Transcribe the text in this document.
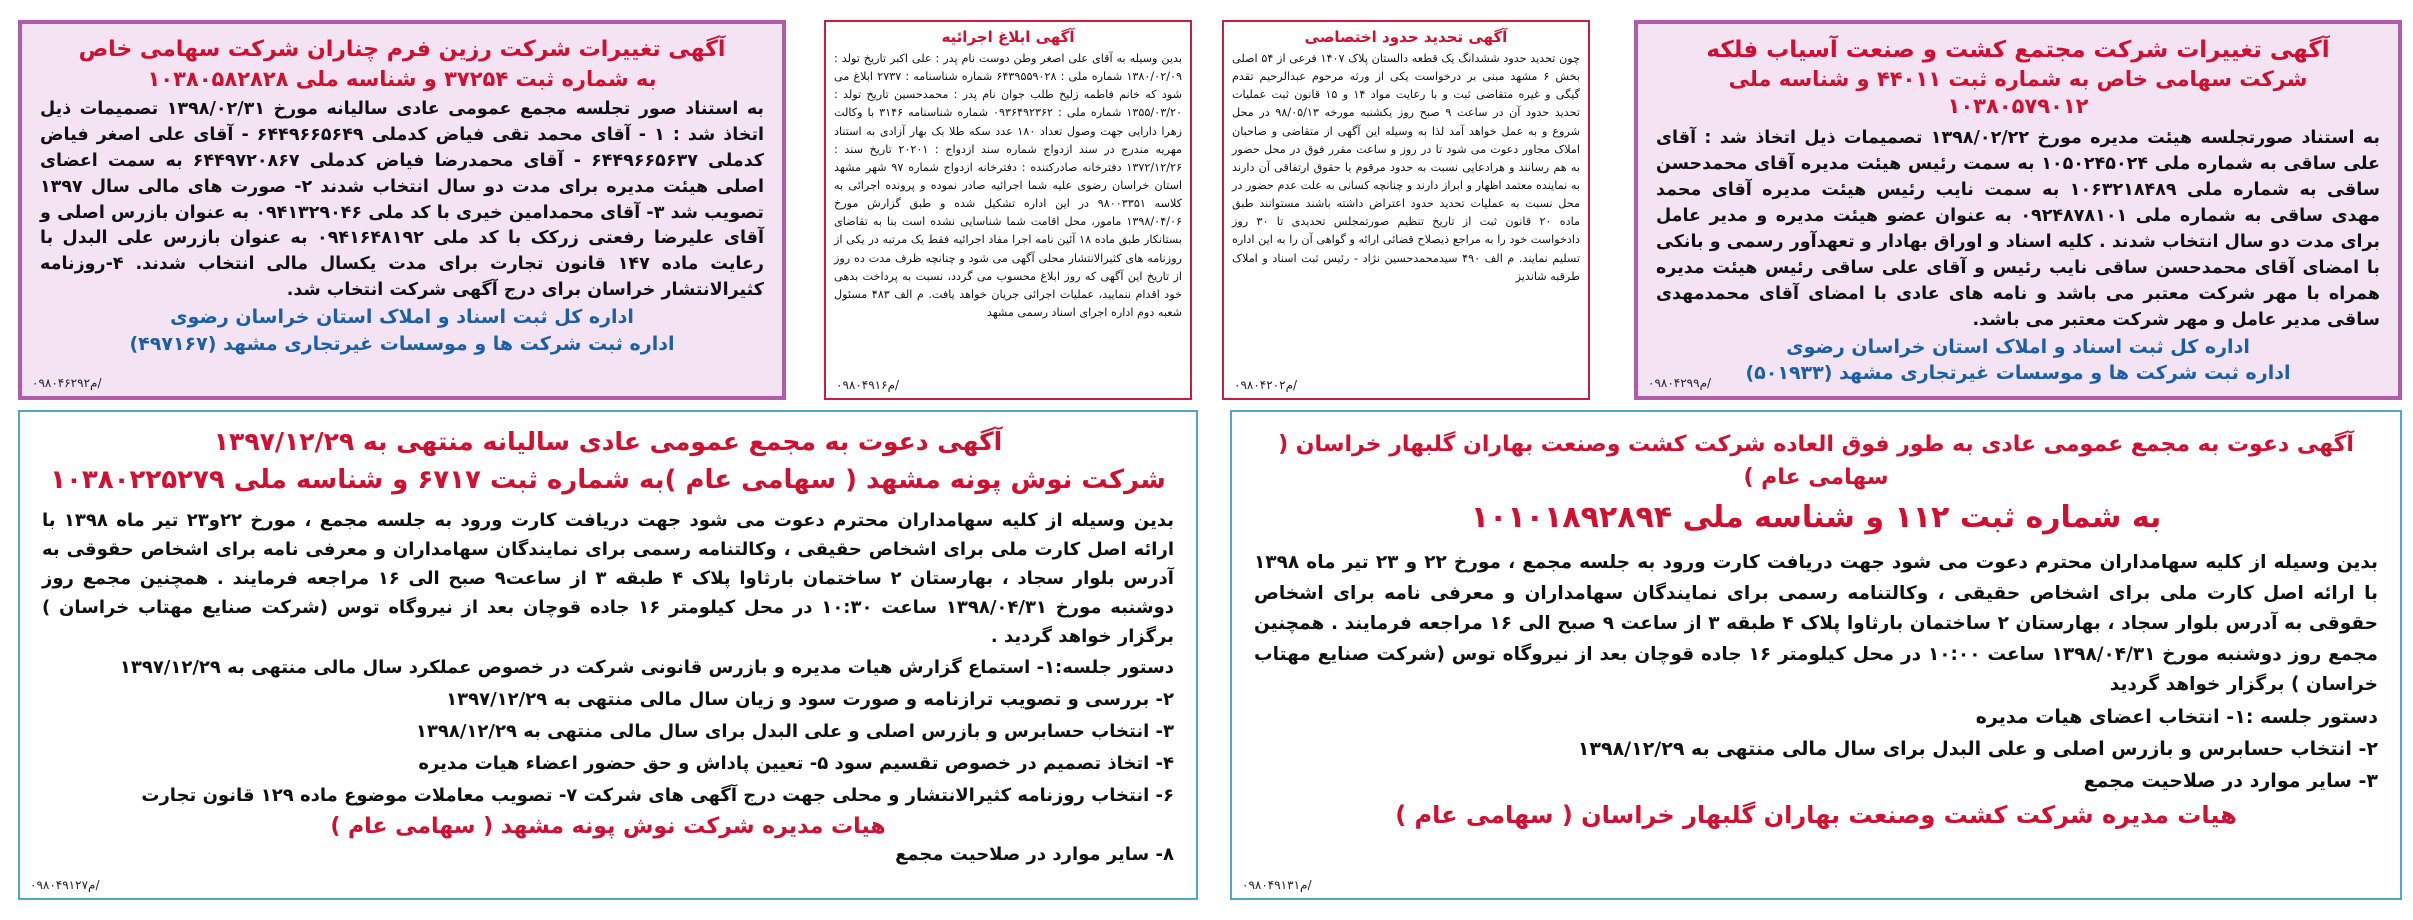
آگهی تغییرات شرکت مجتمع کشت و صنعت آسیاب فلکه
شرکت سهامی خاص به شماره ثبت ۴۴۰۱۱ و شناسه ملی ۱۰۳۸۰۵۷۹۰۱۲
به استناد صورتجلسه هیئت مدیره مورخ ۱۳۹۸/۰۲/۲۲ تصمیمات ذیل اتخاذ شد : آقای علی ساقی به شماره ملی ۱۰۵۰۲۴۵۰۲۴ به سمت رئیس هیئت مدیره آقای محمدحسن ساقی به شماره ملی ۱۰۶۳۲۱۸۴۸۹ به سمت نایب رئیس هیئت مدیره آقای محمد مهدی ساقی به شماره ملی ۰۹۲۴۸۷۸۱۰۱ به عنوان عضو هیئت مدیره و مدیر عامل برای مدت دو سال انتخاب شدند . کلیه اسناد و اوراق بهادار و تعهدآور رسمی و بانکی با امضای آقای محمدحسن ساقی نایب رئیس و آقای علی ساقی رئیس هیئت مدیره همراه با مهر شرکت معتبر می باشد و نامه های عادی با امضای آقای محمدمهدی ساقی مدیر عامل و مهر شرکت معتبر می باشد.
اداره کل ثبت اسناد و املاک استان خراسان رضوی
اداره ثبت شرکت ها و موسسات غیرتجاری مشهد (۵۰۱۹۳۳)
۰۹۸۰۴۲۹۹م/
آگهی تحدید حدود اختصاصی
چون تحدید حدود ششدانگ یک قطعه دالستان پلاک ۱۴۰۷ فرعی از ۵۴ اصلی بخش ۶ مشهد مبنی بر درخواست یکی از ورثه مرحوم عبدالرحیم تقدم گیگی و غیره متقاضی ثبت و با رعایت مواد ۱۴ و ۱۵ قانون ثبت عملیات تحدید حدود آن در ساعت ۹ صبح روز یکشنبه مورخه ۹۸/۰۵/۱۳ در محل شروع و به عمل خواهد آمد لذا به وسیله این آگهی از متقاضی و صاحبان املاک مجاور دعوت می شود تا در روز و ساعت مقرر فوق در محل حضور به هم رسانند و هرادعایی نسبت به حدود مرقوم یا حقوق ارتفاقی آن دارند به نماینده معتمد اظهار و ابراز دارند و چنانچه کسانی به علت عدم حضور در محل نسبت به عملیات تحدید حدود اعتراض داشته باشند مستوانند طبق ماده ۲۰ قانون ثبت از تاریخ تنظیم صورتمجلس تحدیدی تا ۳۰ روز دادخواست خود را به مراجع ذیصلاح قضائی ارائه و گواهی آن را به این اداره تسلیم نمایند. م الف ۴۹۰ سیدمحمدحسین نژاد - رئیس ثبت اسناد و املاک طرقبه شاندیز
۰۹۸۰۴۲۰۲م/
آگهی ابلاغ اجرائیه
بدین وسیله به آقای علی اصغر وطن دوست نام پدر : علی اکبر تاریخ تولد : ۱۳۸۰/۰۲/۰۹ شماره ملی : ۶۴۳۹۵۵۹۰۲۸ شماره شناسنامه : ۲۷۳۷ ابلاغ می شود که خانم فاطمه زلیخ طلب جوان نام پدر : محمدحسین تاریخ تولد : ۱۳۵۵/۰۳/۲۰ شماره ملی : ۰۹۳۶۴۹۲۳۶۲ شماره شناسنامه ۳۱۴۶ با وکالت زهرا دارایی جهت وصول تعداد ۱۸۰ عدد سکه طلا بک بهار آزادی به استناد مهریه مندرج در سند ازدواج شماره سند ازدواج : ۲۰۲۰۱ تاریخ سند : ۱۳۷۲/۱۲/۲۶ دفترخانه صادرکننده : دفترخانه ازدواج شماره ۹۷ شهر مشهد استان خراسان رضوی علیه شما اجرائیه صادر نموده و پرونده اجرائی به کلاسه ۹۸۰۰۳۳۵۱ در این اداره تشکیل شده و طبق گزارش مورخ ۱۳۹۸/۰۴/۰۶ مامور، محل اقامت شما شناسایی نشده است بنا به تقاضای بستانکار طبق ماده ۱۸ آئین نامه اجرا مفاد اجرائیه فقط یک مرتبه در یکی از روزنامه های کثیرالانتشار محلی آگهی می شود و چنانچه ظرف مدت ده روز از تاریخ این آگهی که روز ابلاغ محسوب می گردد، نسبت به پرداخت بدهی خود اقدام ننمایید، عملیات اجرائی جریان خواهد یافت. م الف ۴۸۳ مسئول شعبه دوم اداره اجرای اسناد رسمی مشهد
۰۹۸۰۴۹۱۶م/
آگهی تغییرات شرکت رزین فرم چناران شرکت سهامی خاص
به شماره ثبت ۳۷۲۵۴ و شناسه ملی ۱۰۳۸۰۵۸۲۸۲۸
به استناد صور تجلسه مجمع عمومی عادی سالیانه مورخ ۱۳۹۸/۰۲/۳۱ تصمیمات ذیل اتخاذ شد : ۱ - آقای محمد تقی فیاض کدملی ۶۴۴۹۶۶۵۶۴۹ - آقای علی اصغر فیاض کدملی ۶۴۴۹۶۶۵۶۳۷ - آقای محمدرضا فیاض کدملی ۶۴۴۹۷۲۰۸۶۷ به سمت اعضای اصلی هیئت مدیره برای مدت دو سال انتخاب شدند ۲- صورت های مالی سال ۱۳۹۷ تصویب شد ۳- آقای محمدامین خیری با کد ملی ۰۹۴۱۳۲۹۰۴۶ به عنوان بازرس اصلی و آقای علیرضا رفعتی زرکک با کد ملی ۰۹۴۱۶۴۸۱۹۲ به عنوان بازرس علی البدل با رعایت ماده ۱۴۷ قانون تجارت برای مدت یکسال مالی انتخاب شدند. ۴-روزنامه کثیرالانتشار خراسان برای درج آگهی شرکت انتخاب شد.
اداره کل ثبت اسناد و املاک استان خراسان رضوی
اداره ثبت شرکت ها و موسسات غیرتجاری مشهد (۴۹۷۱۶۷)
۰۹۸۰۴۶۲۹۲م/
آگهی دعوت به مجمع عمومی عادی به طور فوق العاده شرکت کشت وصنعت بهاران گلبهار خراسان ( سهامی عام )
به شماره ثبت ۱۱۲ و شناسه ملی ۱۰۱۰۱۸۹۲۸۹۴
بدین وسیله از کلیه سهامداران محترم دعوت می شود جهت دریافت کارت ورود به جلسه مجمع ، مورخ ۲۲ و ۲۳ تیر ماه ۱۳۹۸ با ارائه اصل کارت ملی برای اشخاص حقیقی ، وکالتنامه رسمی برای نمایندگان سهامداران و معرفی نامه برای اشخاص حقوقی به آدرس بلوار سجاد ، بهارستان ۲ ساختمان بارثاوا پلاک ۴ طبقه ۳ از ساعت ۹ صبح الی ۱۶ مراجعه فرمایند . همچنین مجمع روز دوشنبه مورخ ۱۳۹۸/۰۴/۳۱ ساعت ۱۰:۰۰ در محل کیلومتر ۱۶ جاده قوچان بعد از نیروگاه توس (شرکت صنایع مهتاب خراسان ) برگزار خواهد گردید
دستور جلسه :۱- انتخاب اعضای هیات مدیره
۲- انتخاب حسابرس و بازرس اصلی و علی البدل برای سال مالی منتهی به ۱۳۹۸/۱۲/۲۹
۳- سایر موارد در صلاحیت مجمع
هیات مدیره شرکت کشت وصنعت بهاران گلبهار خراسان ( سهامی عام )
۰۹۸۰۴۹۱۳۱م/
آگهی دعوت به مجمع عمومی عادی سالیانه منتهی به ۱۳۹۷/۱۲/۲۹
شرکت نوش پونه مشهد ( سهامی عام )به شماره ثبت ۶۷۱۷ و شناسه ملی ۱۰۳۸۰۲۲۵۲۷۹
بدین وسیله از کلیه سهامداران محترم دعوت می شود جهت دریافت کارت ورود به جلسه مجمع ، مورخ ۲۲و۲۳ تیر ماه ۱۳۹۸ با ارائه اصل کارت ملی برای اشخاص حقیقی ، وکالتنامه رسمی برای نمایندگان سهامداران و معرفی نامه برای اشخاص حقوقی به آدرس بلوار سجاد ، بهارستان ۲ ساختمان بارثاوا پلاک ۴ طبقه ۳ از ساعت۹ صبح الی ۱۶ مراجعه فرمایند . همچنین مجمع روز دوشنبه مورخ ۱۳۹۸/۰۴/۳۱ ساعت ۱۰:۳۰ در محل کیلومتر ۱۶ جاده قوچان بعد از نیروگاه توس (شرکت صنایع مهتاب خراسان ) برگزار خواهد گردید .
دستور جلسه:۱- استماع گزارش هیات مدیره و بازرس قانونی شرکت در خصوص عملکرد سال مالی منتهی به ۱۳۹۷/۱۲/۲۹
۲- بررسی و تصویب ترازنامه و صورت سود و زیان سال مالی منتهی به ۱۳۹۷/۱۲/۲۹
۳- انتخاب حسابرس و بازرس اصلی و علی البدل برای سال مالی منتهی به ۱۳۹۸/۱۲/۲۹
۴- اتخاذ تصمیم در خصوص تقسیم سود ۵- تعیین پاداش و حق حضور اعضاء هیات مدیره
۶- انتخاب روزنامه کثیرالانتشار و محلی جهت درج آگهی های شرکت ۷- تصویب معاملات موضوع ماده ۱۲۹ قانون تجارت
هیات مدیره شرکت نوش پونه مشهد ( سهامی عام )
۸- سایر موارد در صلاحیت مجمع
۰۹۸۰۴۹۱۲۷م/
